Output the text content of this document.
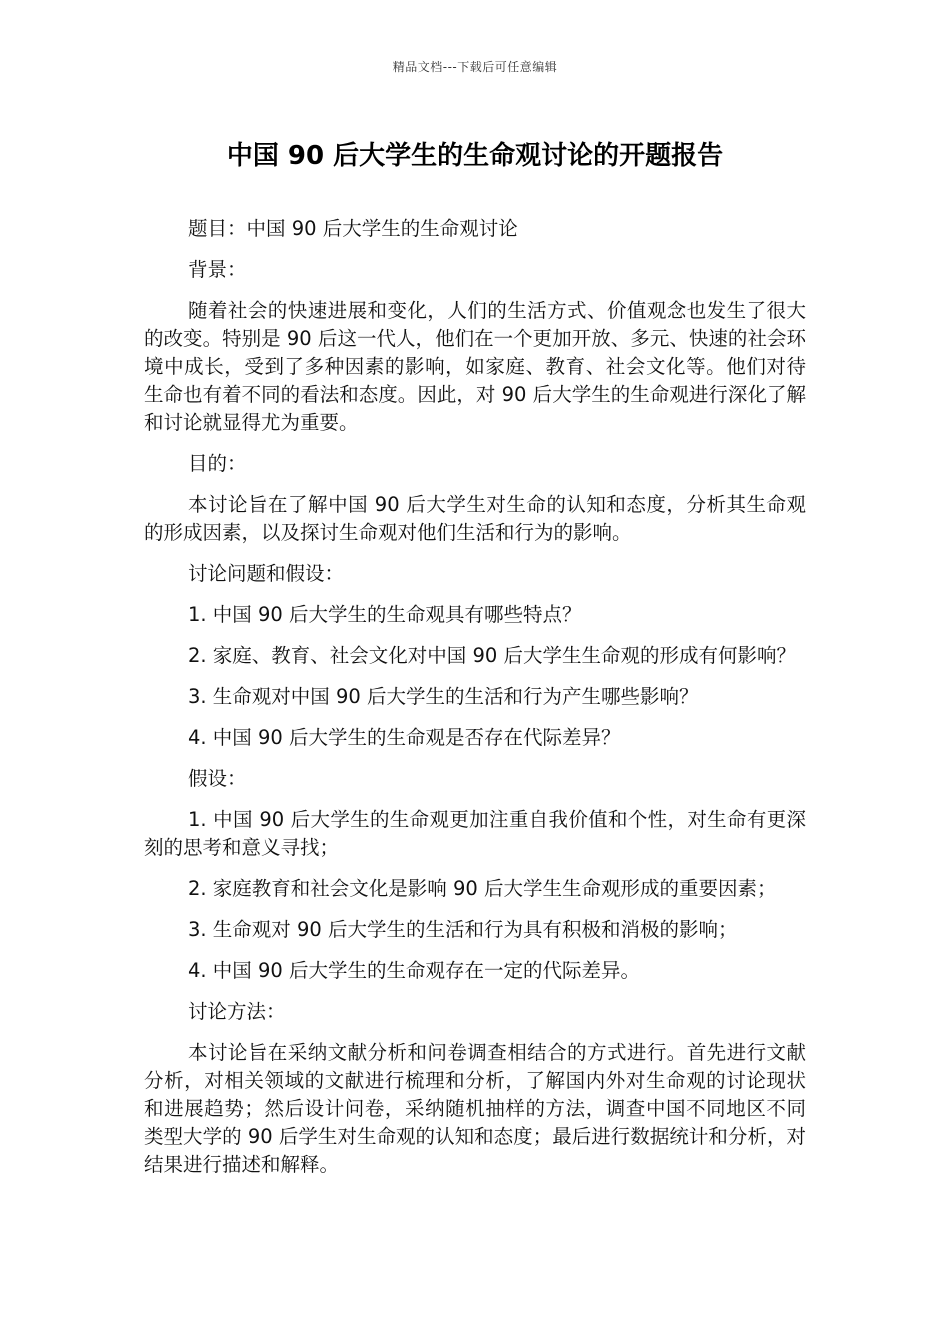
精品文档---下载后可任意编辑
中国 90 后大学生的生命观讨论的开题报告

题目：中国 90 后大学生的生命观讨论

背景：

随着社会的快速进展和变化，人们的生活方式、价值观念也发生了很大的改变。特别是 90 后这一代人，他们在一个更加开放、多元、快速的社会环境中成长，受到了多种因素的影响，如家庭、教育、社会文化等。他们对待生命也有着不同的看法和态度。因此，对 90 后大学生的生命观进行深化了解和讨论就显得尤为重要。

目的：

本讨论旨在了解中国 90 后大学生对生命的认知和态度，分析其生命观的形成因素，以及探讨生命观对他们生活和行为的影响。

讨论问题和假设：

1. 中国 90 后大学生的生命观具有哪些特点？

2. 家庭、教育、社会文化对中国 90 后大学生生命观的形成有何影响？

3. 生命观对中国 90 后大学生的生活和行为产生哪些影响？

4. 中国 90 后大学生的生命观是否存在代际差异？

假设：

1. 中国 90 后大学生的生命观更加注重自我价值和个性，对生命有更深刻的思考和意义寻找；

2. 家庭教育和社会文化是影响 90 后大学生生命观形成的重要因素；

3. 生命观对 90 后大学生的生活和行为具有积极和消极的影响；

4. 中国 90 后大学生的生命观存在一定的代际差异。

讨论方法：

本讨论旨在采纳文献分析和问卷调查相结合的方式进行。首先进行文献分析，对相关领域的文献进行梳理和分析，了解国内外对生命观的讨论现状和进展趋势；然后设计问卷，采纳随机抽样的方法，调查中国不同地区不同类型大学的 90 后学生对生命观的认知和态度；最后进行数据统计和分析，对结果进行描述和解释。
